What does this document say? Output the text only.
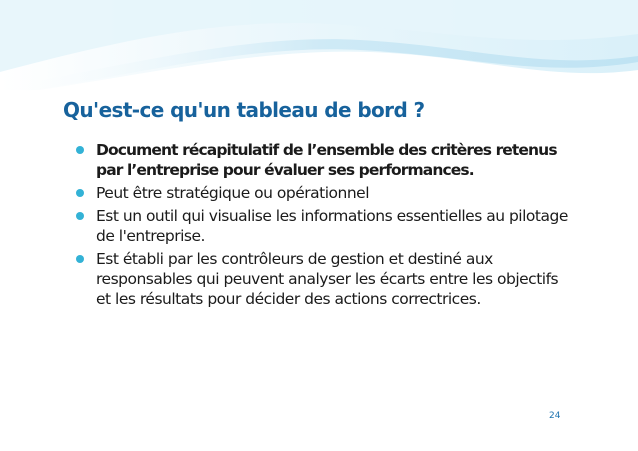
Qu'est-ce qu'un tableau de bord ?
Document récapitulatif de l’ensemble des critères retenus par l’entreprise pour évaluer ses performances.
Peut être stratégique ou opérationnel
Est un outil qui visualise les informations essentielles au pilotage de l'entreprise.
Est établi par les contrôleurs de gestion et destiné aux responsables qui peuvent analyser les écarts entre les objectifs et les résultats pour décider des actions correctrices.
24
